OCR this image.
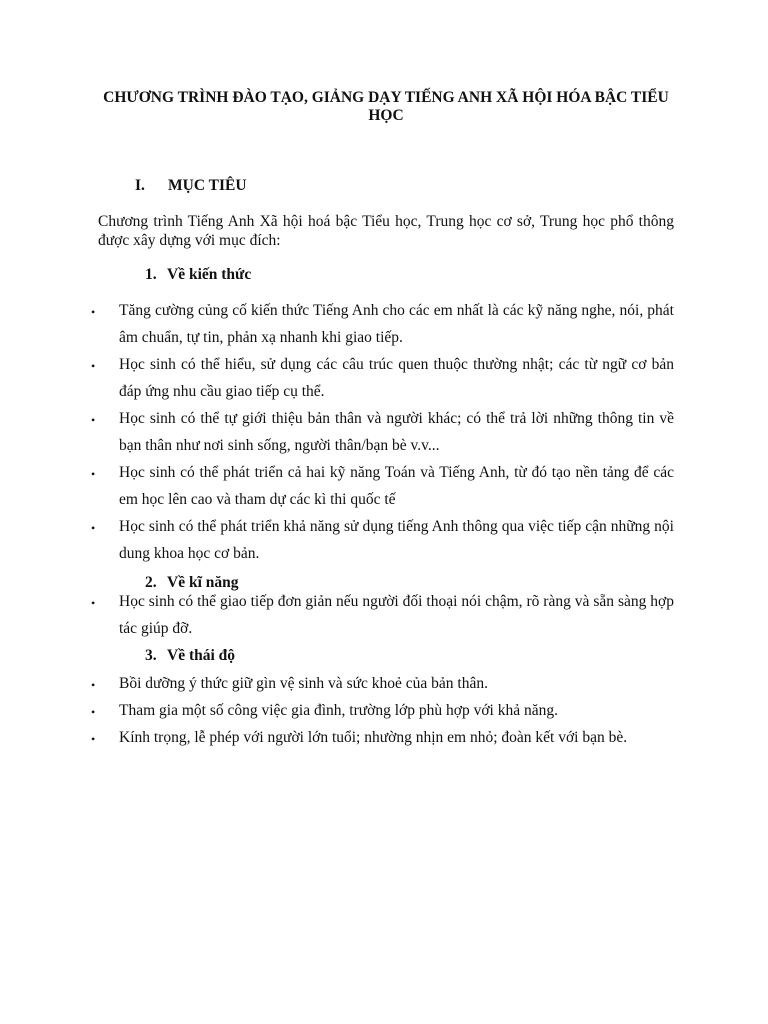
CHƯƠNG TRÌNH ĐÀO TẠO, GIẢNG DẠY TIẾNG ANH XÃ HỘI HÓA BẬC TIỂU HỌC
I. MỤC TIÊU

Chương trình Tiếng Anh Xã hội hoá bậc Tiểu học, Trung học cơ sở, Trung học phổ thông được xây dựng với mục đích:

1. Về kiến thức
• Tăng cường củng cố kiến thức Tiếng Anh cho các em nhất là các kỹ năng nghe, nói, phát âm chuẩn, tự tin, phản xạ nhanh khi giao tiếp.
• Học sinh có thể hiểu, sử dụng các câu trúc quen thuộc thường nhật; các từ ngữ cơ bản đáp ứng nhu cầu giao tiếp cụ thể.
• Học sinh có thể tự giới thiệu bản thân và người khác; có thể trả lời những thông tin về bạn thân như nơi sinh sống, người thân/bạn bè v.v...
• Học sinh có thể phát triển cả hai kỹ năng Toán và Tiếng Anh, từ đó tạo nền tảng để các em học lên cao và tham dự các kì thi quốc tế
• Học sinh có thể phát triển khả năng sử dụng tiếng Anh thông qua việc tiếp cận những nội dung khoa học cơ bản.
2. Về kĩ năng
• Học sinh có thể giao tiếp đơn giản nếu người đối thoại nói chậm, rõ ràng và sẵn sàng hợp tác giúp đỡ.
3. Về thái độ
• Bồi dưỡng ý thức giữ gìn vệ sinh và sức khoẻ của bản thân.
• Tham gia một số công việc gia đình, trường lớp phù hợp với khả năng.
• Kính trọng, lễ phép với người lớn tuổi; nhường nhịn em nhỏ; đoàn kết với bạn bè.
